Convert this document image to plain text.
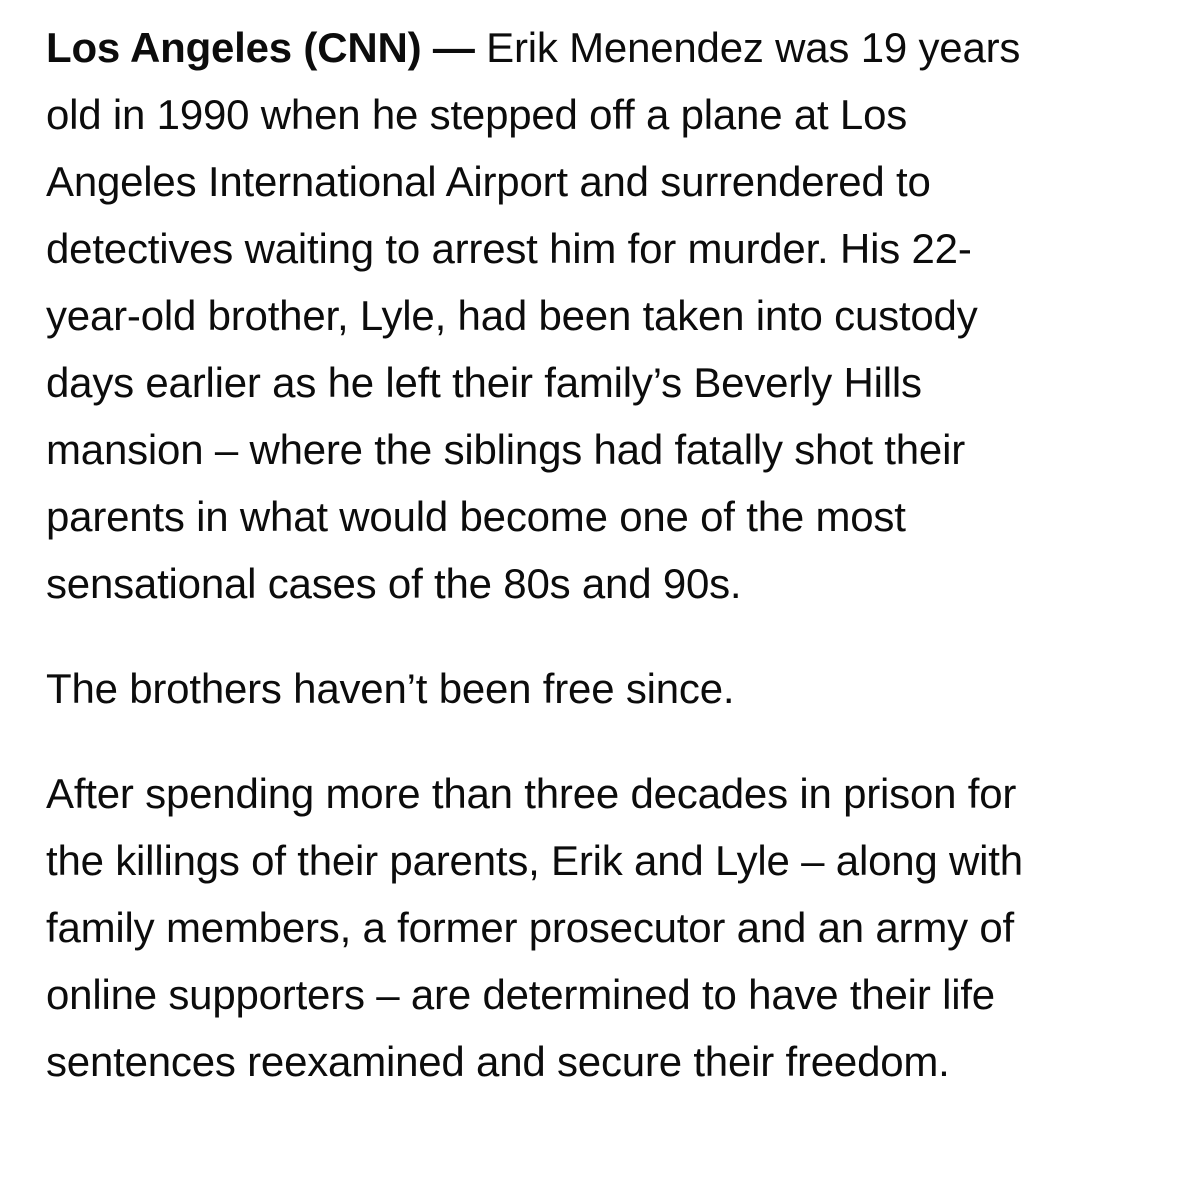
Los Angeles (CNN) — Erik Menendez was 19 years
old in 1990 when he stepped off a plane at Los
Angeles International Airport and surrendered to
detectives waiting to arrest him for murder. His 22-
year-old brother, Lyle, had been taken into custody
days earlier as he left their family’s Beverly Hills
mansion – where the siblings had fatally shot their
parents in what would become one of the most
sensational cases of the 80s and 90s.

The brothers haven’t been free since.

After spending more than three decades in prison for
the killings of their parents, Erik and Lyle – along with
family members, a former prosecutor and an army of
online supporters – are determined to have their life
sentences reexamined and secure their freedom.
